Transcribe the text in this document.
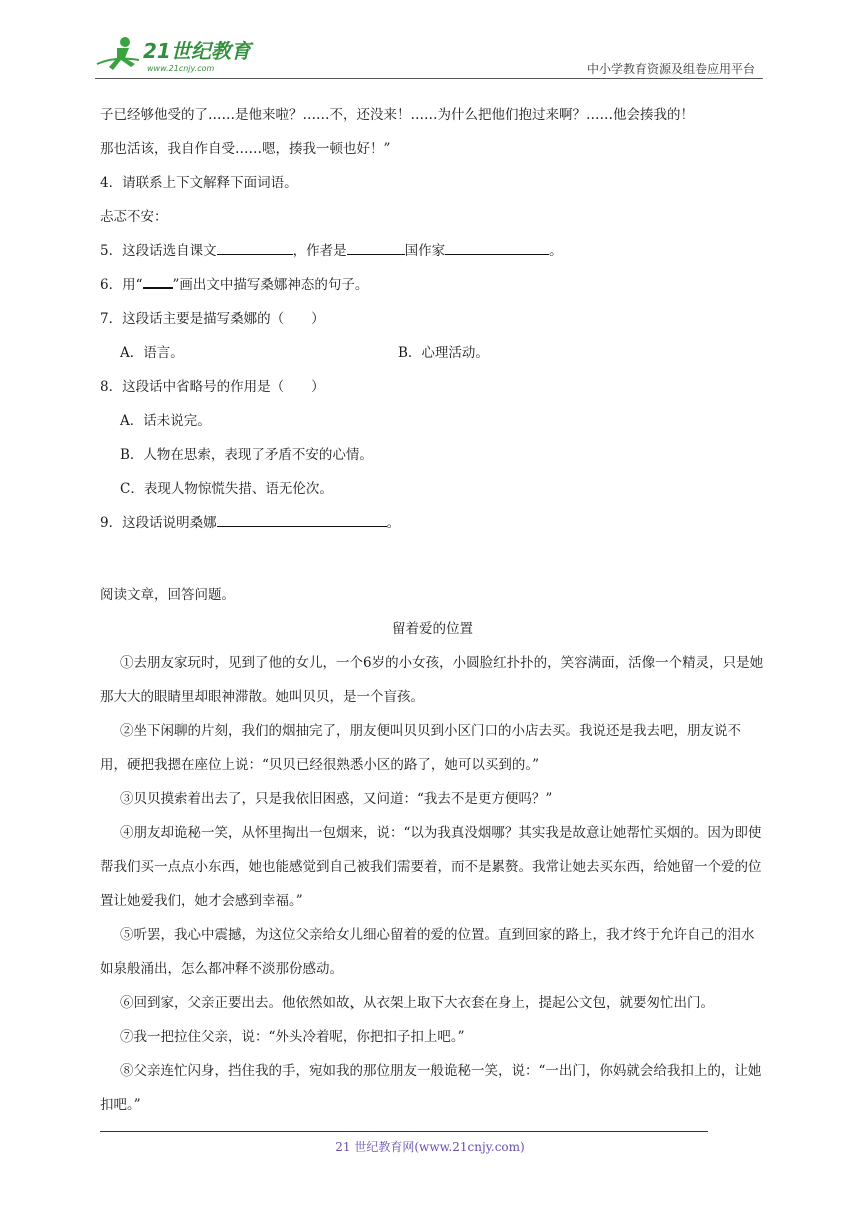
21世纪教育
www.21cnjy.com	中小学教育资源及组卷应用平台
子已经够他受的了……是他来啦？……不，还没来！……为什么把他们抱过来啊？……他会揍我的！
那也活该，我自作自受……嗯，揍我一顿也好！”
4．请联系上下文解释下面词语。
忐忑不安：
5．这段话选自课文	，作者是	国作家	。
6．用“ ”画出文中描写桑娜神态的句子。
7．这段话主要是描写桑娜的（　　）
A．语言。	B．心理活动。
8．这段话中省略号的作用是（　　）
A．话未说完。
B．人物在思索，表现了矛盾不安的心情。
C．表现人物惊慌失措、语无伦次。
9．这段话说明桑娜	。
阅读文章，回答问题。
留着爱的位置
①去朋友家玩时，见到了他的女儿，一个6岁的小女孩，小圆脸红扑扑的，笑容满面，活像一个精灵，只是她那大大的眼睛里却眼神滞散。她叫贝贝，是一个盲孩。
②坐下闲聊的片刻，我们的烟抽完了，朋友便叫贝贝到小区门口的小店去买。我说还是我去吧，朋友说不用，硬把我摁在座位上说：“贝贝已经很熟悉小区的路了，她可以买到的。”
③贝贝摸索着出去了，只是我依旧困惑，又问道：“我去不是更方便吗？”
④朋友却诡秘一笑，从怀里掏出一包烟来，说：“以为我真没烟哪？其实我是故意让她帮忙买烟的。因为即使帮我们买一点点小东西，她也能感觉到自己被我们需要着，而不是累赘。我常让她去买东西，给她留一个爱的位置让她爱我们，她才会感到幸福。”
⑤听罢，我心中震撼，为这位父亲给女儿细心留着的爱的位置。直到回家的路上，我才终于允许自己的泪水如泉般涌出，怎么都冲释不淡那份感动。
⑥回到家，父亲正要出去。他依然如故，从衣架上取下大衣套在身上，提起公文包，就要匆忙出门。
⑦我一把拉住父亲，说：“外头冷着呢，你把扣子扣上吧。”
⑧父亲连忙闪身，挡住我的手，宛如我的那位朋友一般诡秘一笑，说：“一出门，你妈就会给我扣上的，让她扣吧。”
21 世纪教育网(www.21cnjy.com)
